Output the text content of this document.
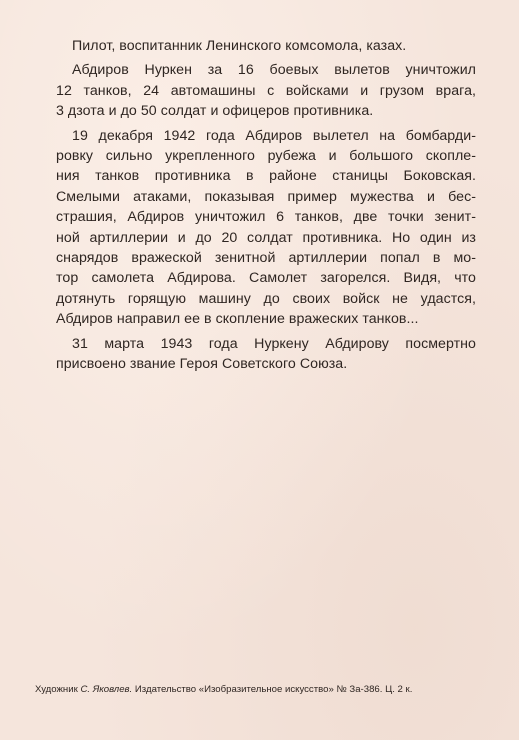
Пилот, воспитанник Ленинского комсомола, казах.
Абдиров Нуркен за 16 боевых вылетов уничтожил
12 танков, 24 автомашины с войсками и грузом врага,
3 дзота и до 50 солдат и офицеров противника.
19 декабря 1942 года Абдиров вылетел на бомбарди-
ровку сильно укрепленного рубежа и большого скопле-
ния танков противника в районе станицы Боковская.
Смелыми атаками, показывая пример мужества и бес-
страшия, Абдиров уничтожил 6 танков, две точки зенит-
ной артиллерии и до 20 солдат противника. Но один из
снарядов вражеской зенитной артиллерии попал в мо-
тор самолета Абдирова. Самолет загорелся. Видя, что
дотянуть горящую машину до своих войск не удастся,
Абдиров направил ее в скопление вражеских танков...
31 марта 1943 года Нуркену Абдирову посмертно
присвоено звание Героя Советского Союза.
Художник С. Яковлев. Издательство «Изобразительное искусство» № За-386. Ц. 2 к.
